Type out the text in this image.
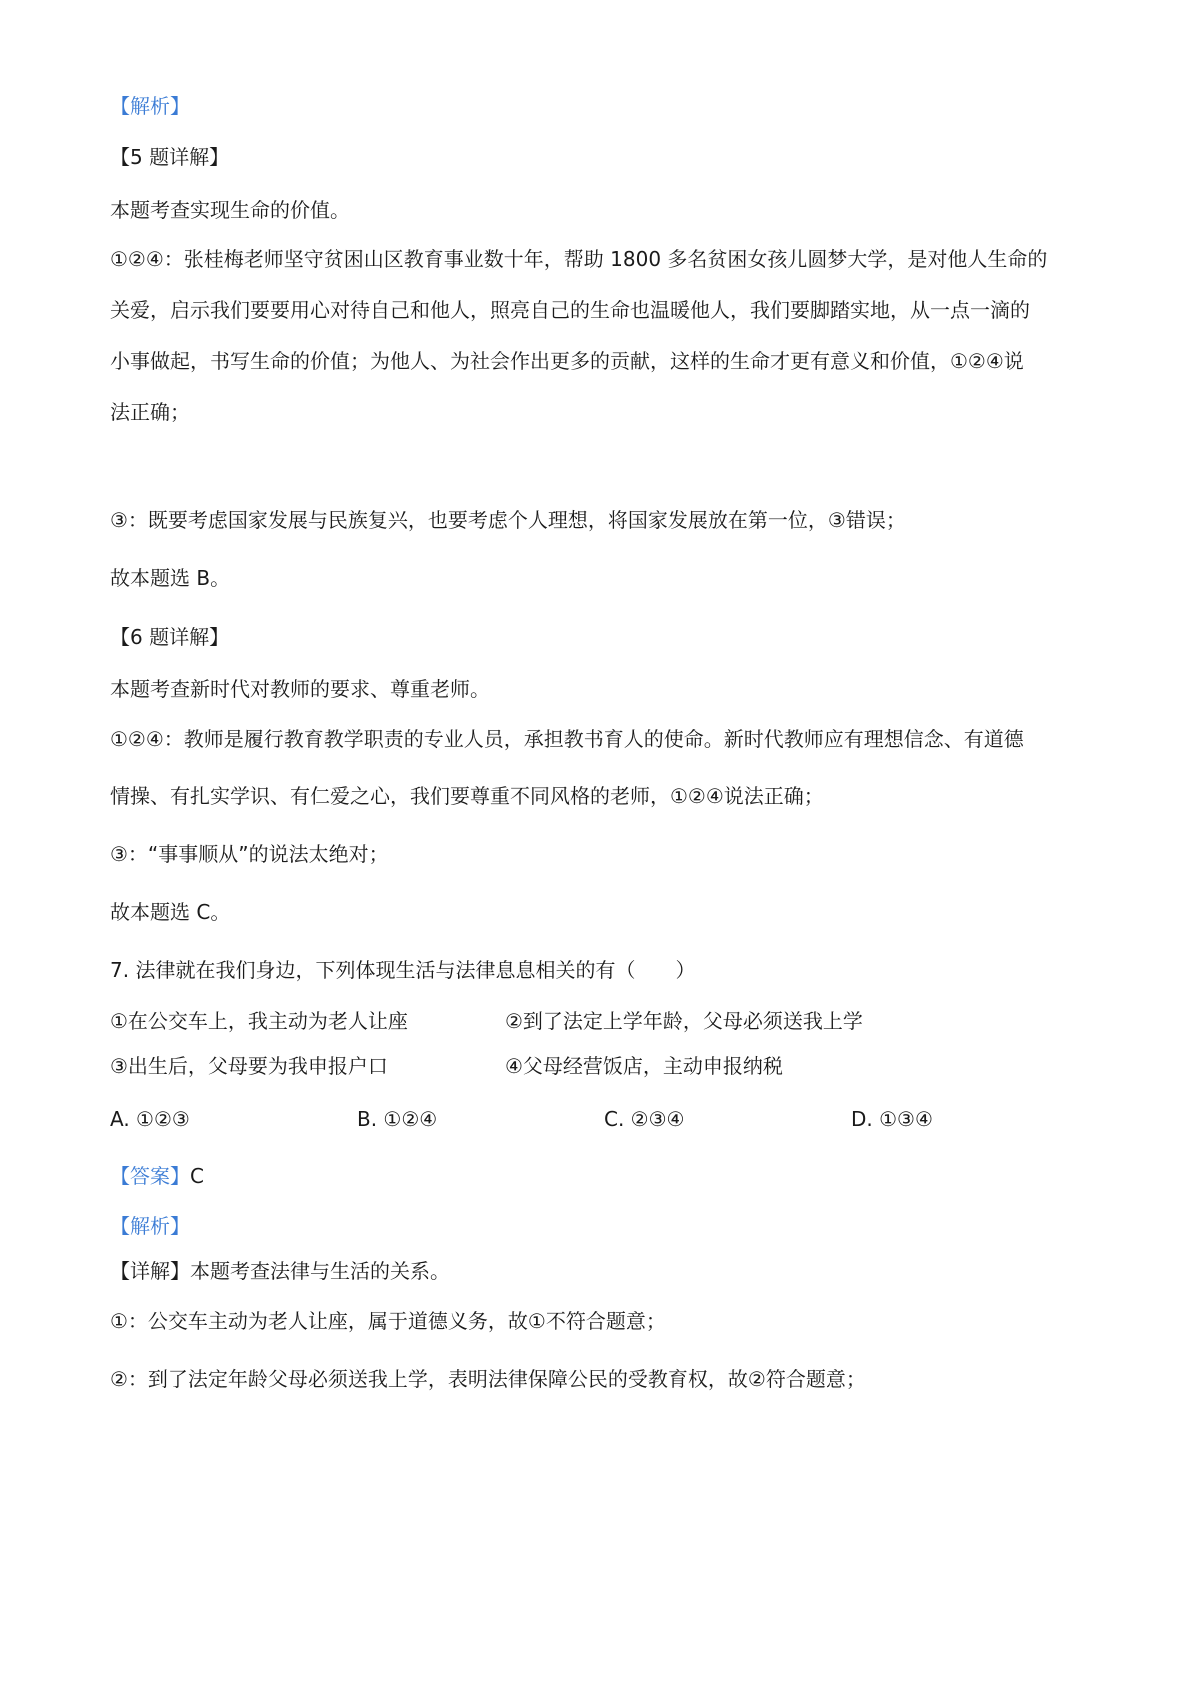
【解析】
【5 题详解】
本题考查实现生命的价值。
①②④：张桂梅老师坚守贫困山区教育事业数十年，帮助 1800 多名贫困女孩儿圆梦大学，是对他人生命的
关爱，启示我们要要用心对待自己和他人，照亮自己的生命也温暖他人，我们要脚踏实地，从一点一滴的
小事做起，书写生命的价值；为他人、为社会作出更多的贡献，这样的生命才更有意义和价值，①②④说
法正确；
③：既要考虑国家发展与民族复兴，也要考虑个人理想，将国家发展放在第一位，③错误；
故本题选 B。
【6 题详解】
本题考查新时代对教师的要求、尊重老师。
①②④：教师是履行教育教学职责的专业人员，承担教书育人的使命。新时代教师应有理想信念、有道德
情操、有扎实学识、有仁爱之心，我们要尊重不同风格的老师，①②④说法正确；
③：“事事顺从”的说法太绝对；
故本题选 C。
7. 法律就在我们身边，下列体现生活与法律息息相关的有（　　）
①在公交车上，我主动为老人让座	②到了法定上学年龄，父母必须送我上学
③出生后，父母要为我申报户口	④父母经营饭店，主动申报纳税
A. ①②③	B. ①②④	C. ②③④	D. ①③④
【答案】C
【解析】
【详解】本题考查法律与生活的关系。
①：公交车主动为老人让座，属于道德义务，故①不符合题意；
②：到了法定年龄父母必须送我上学，表明法律保障公民的受教育权，故②符合题意；
